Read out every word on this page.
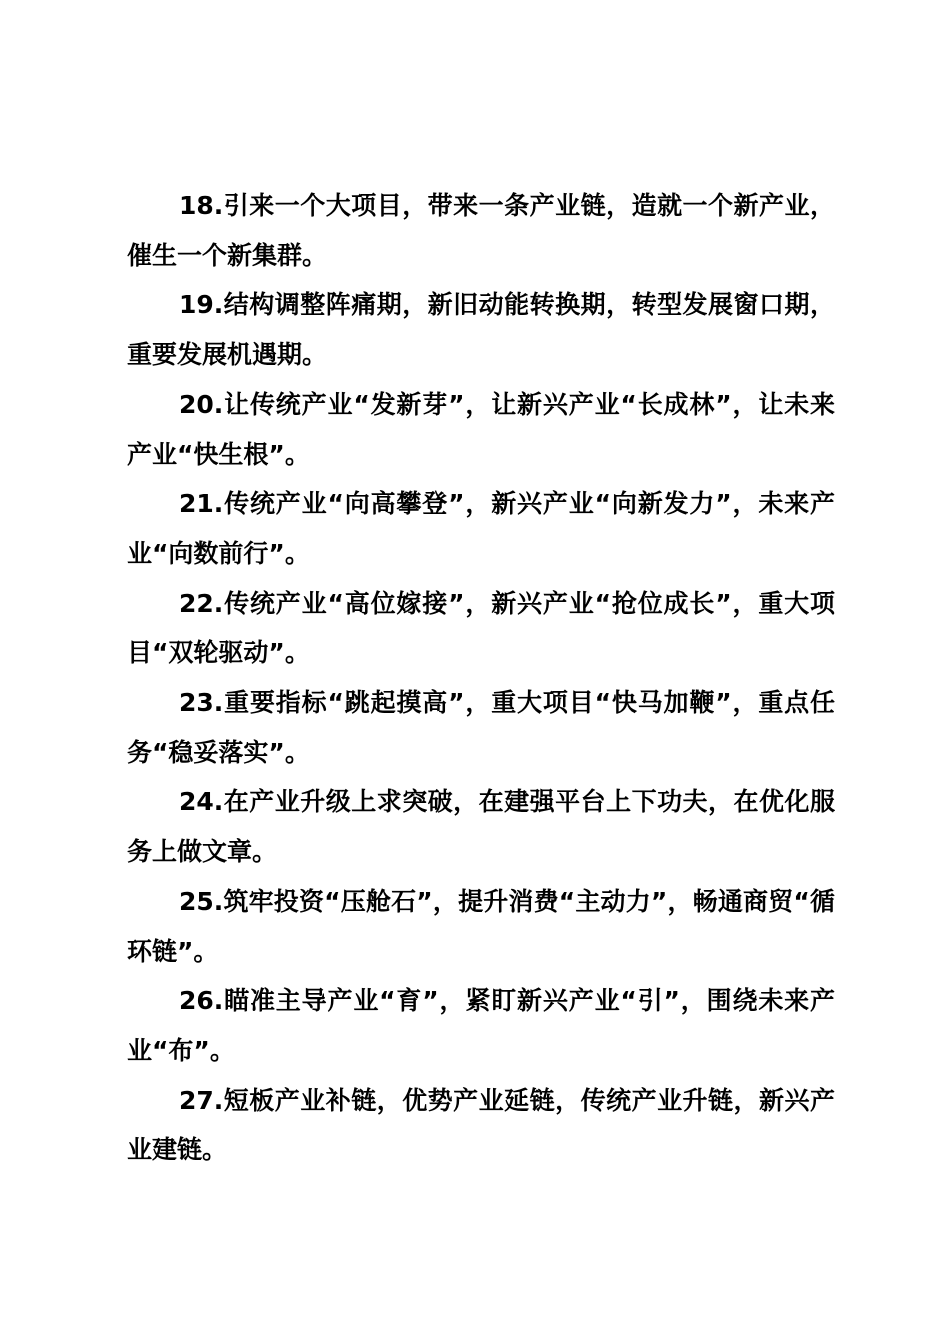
18.引来一个大项目，带来一条产业链，造就一个新产业，催生一个新集群。

19.结构调整阵痛期，新旧动能转换期，转型发展窗口期，重要发展机遇期。

20.让传统产业“发新芽”，让新兴产业“长成林”，让未来产业“快生根”。

21.传统产业“向高攀登”，新兴产业“向新发力”，未来产业“向数前行”。

22.传统产业“高位嫁接”，新兴产业“抢位成长”，重大项目“双轮驱动”。

23.重要指标“跳起摸高”，重大项目“快马加鞭”，重点任务“稳妥落实”。

24.在产业升级上求突破，在建强平台上下功夫，在优化服务上做文章。

25.筑牢投资“压舱石”，提升消费“主动力”，畅通商贸“循环链”。

26.瞄准主导产业“育”，紧盯新兴产业“引”，围绕未来产业“布”。

27.短板产业补链，优势产业延链，传统产业升链，新兴产业建链。
